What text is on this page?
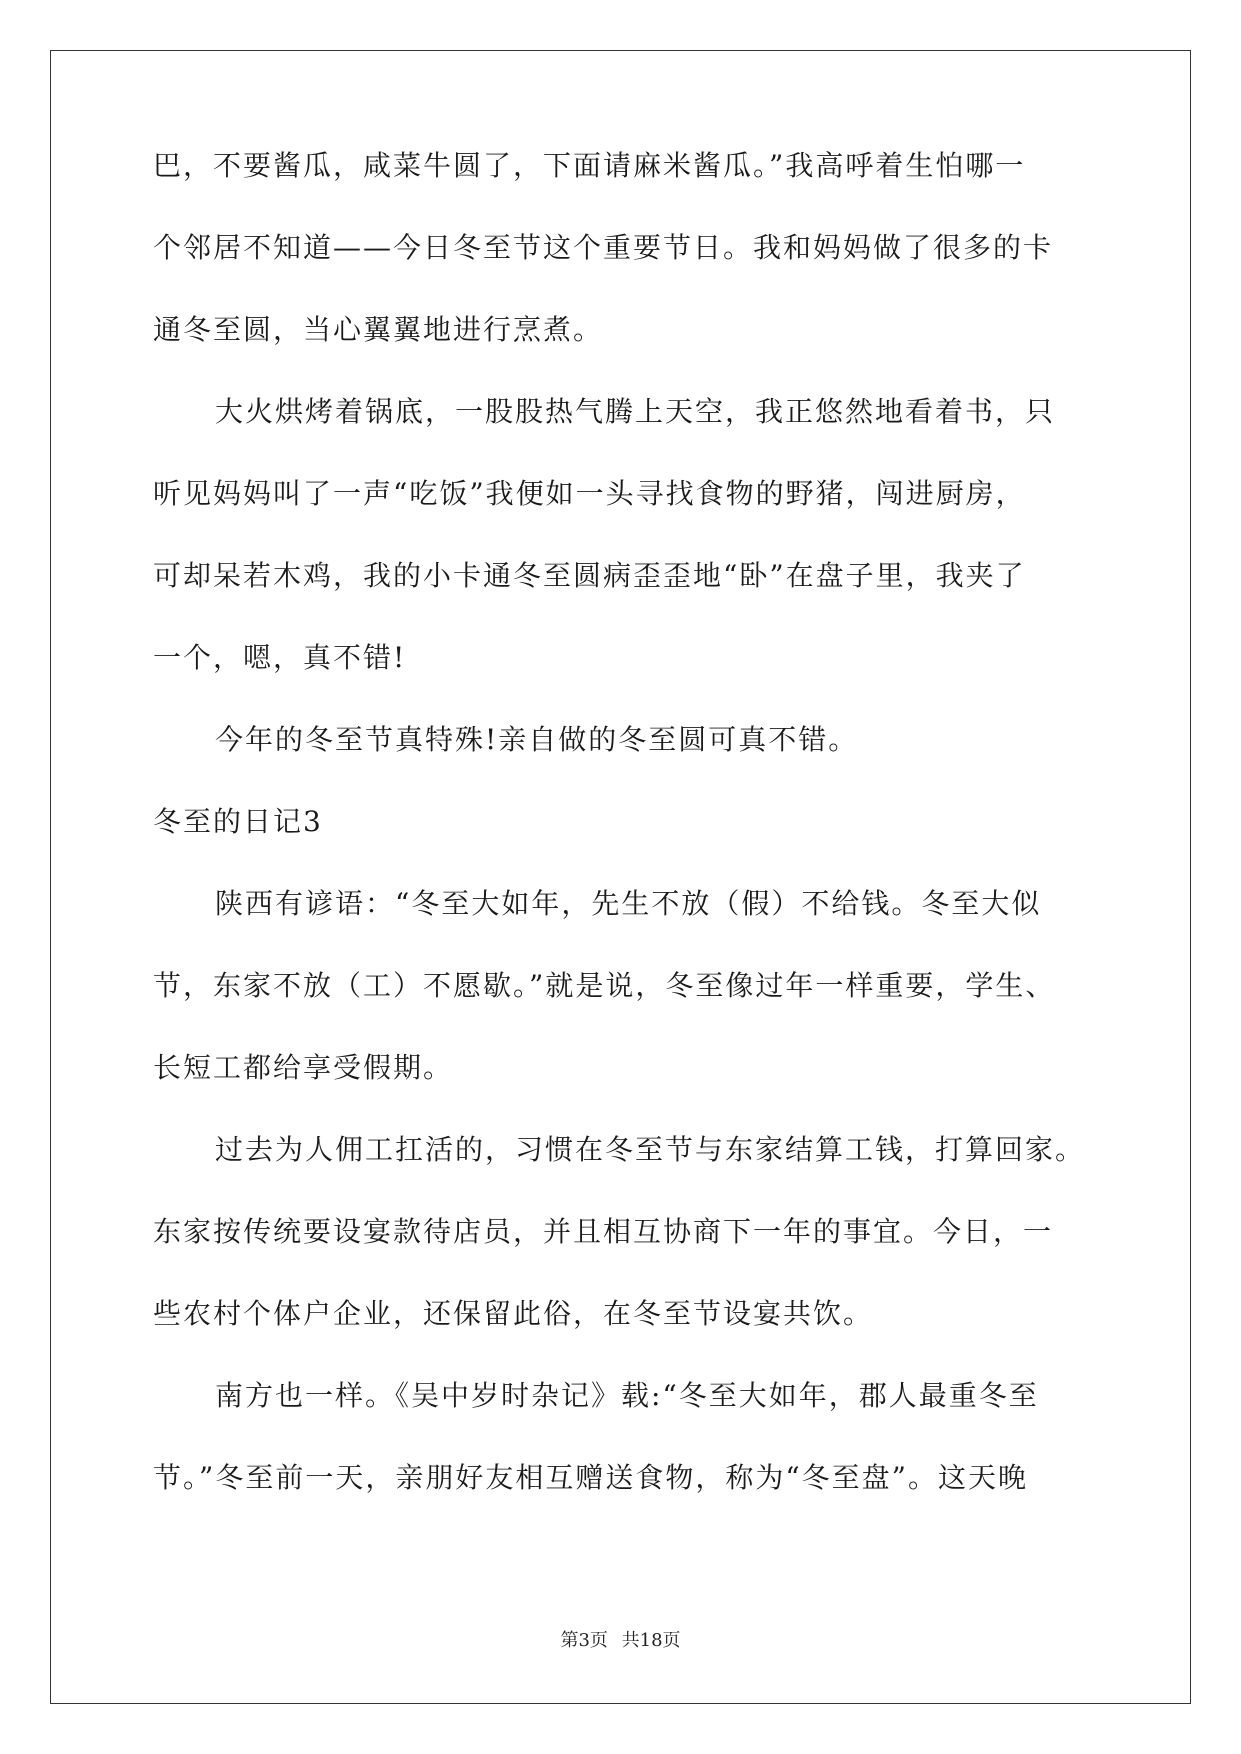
巴，不要酱瓜，咸菜牛圆了，下面请麻米酱瓜。”我高呼着生怕哪一
个邻居不知道——今日冬至节这个重要节日。我和妈妈做了很多的卡
通冬至圆，当心翼翼地进行烹煮。
大火烘烤着锅底，一股股热气腾上天空，我正悠然地看着书，只
听见妈妈叫了一声“吃饭”我便如一头寻找食物的野猪，闯进厨房，
可却呆若木鸡，我的小卡通冬至圆病歪歪地“卧”在盘子里，我夹了
一个，嗯，真不错!
今年的冬至节真特殊!亲自做的冬至圆可真不错。
冬至的日记3
陕西有谚语：“冬至大如年，先生不放（假）不给钱。冬至大似
节，东家不放（工）不愿歇。”就是说，冬至像过年一样重要，学生、
长短工都给享受假期。
过去为人佣工扛活的，习惯在冬至节与东家结算工钱，打算回家。
东家按传统要设宴款待店员，并且相互协商下一年的事宜。今日，一
些农村个体户企业，还保留此俗，在冬至节设宴共饮。
南方也一样。《吴中岁时杂记》载:“冬至大如年，郡人最重冬至
节。”冬至前一天，亲朋好友相互赠送食物，称为“冬至盘”。这天晚
第3页 共18页
